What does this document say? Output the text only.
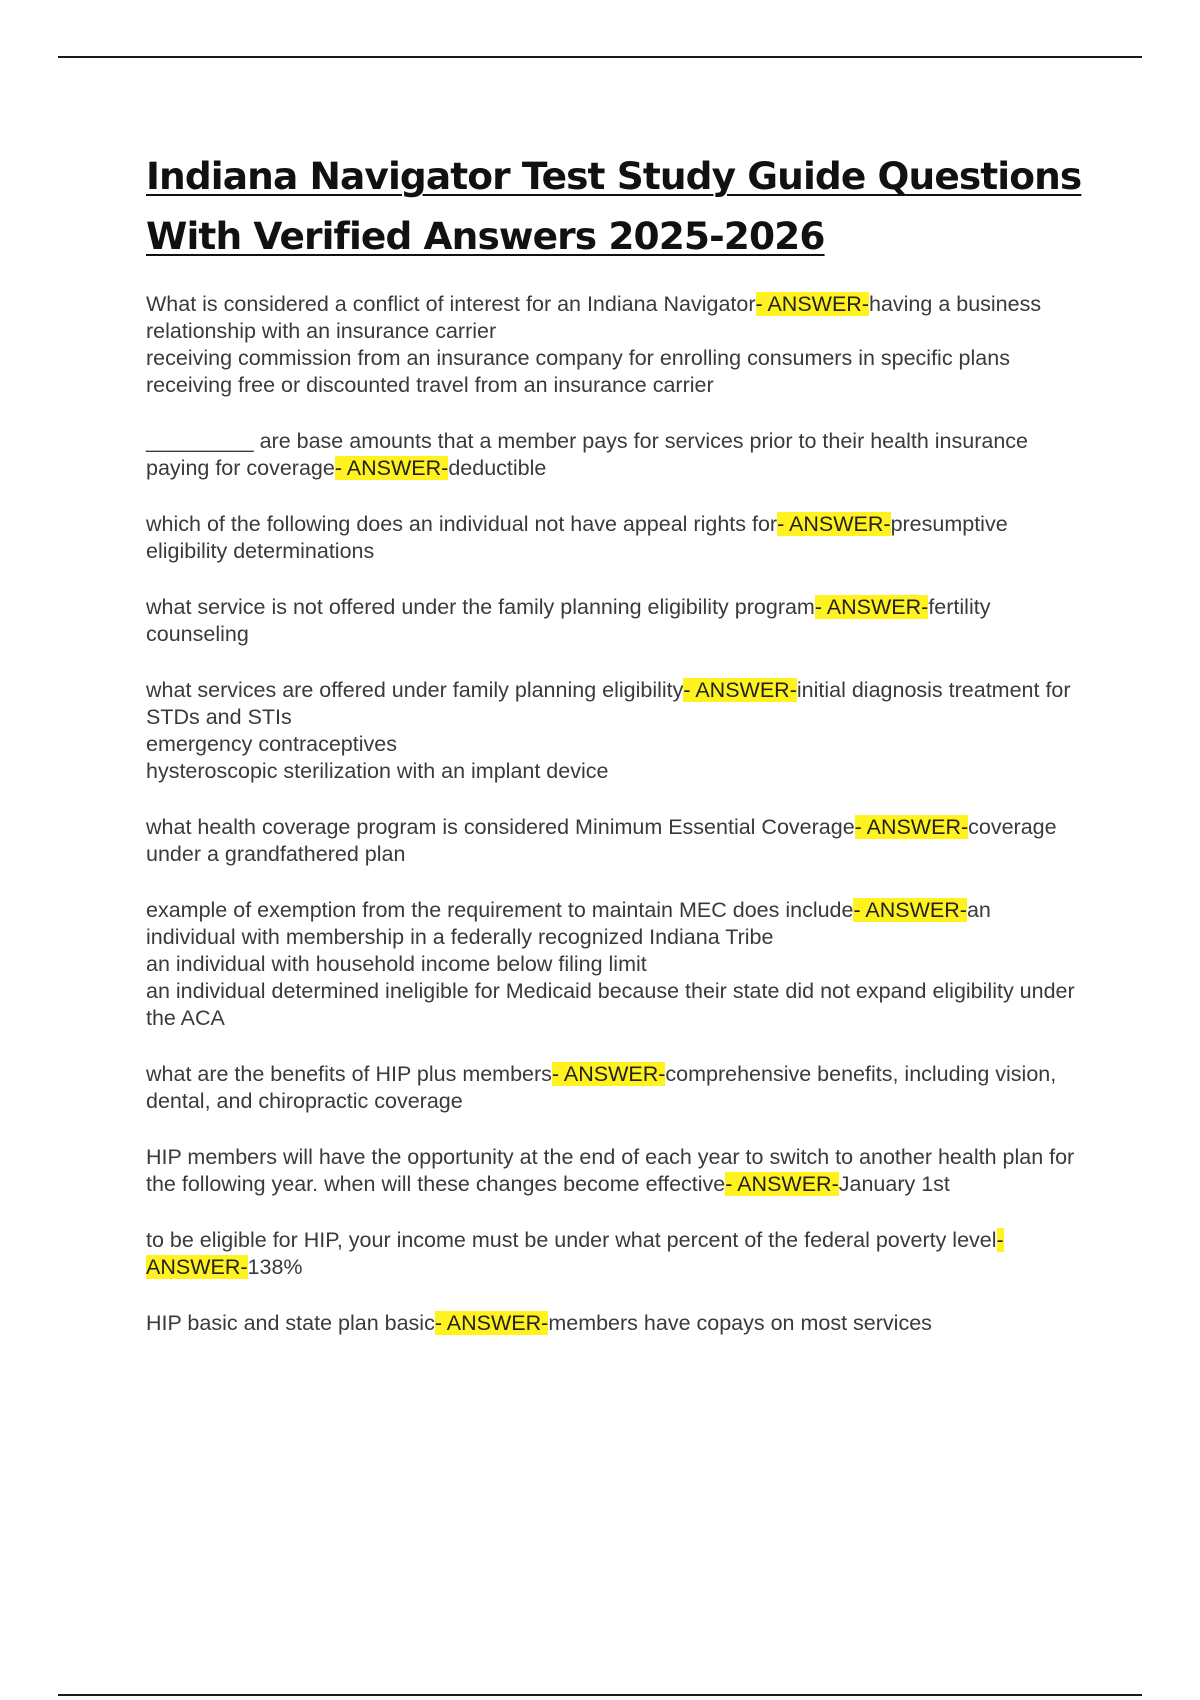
Indiana Navigator Test Study Guide Questions
With Verified Answers 2025-2026

What is considered a conflict of interest for an Indiana Navigator- ANSWER-having a business relationship with an insurance carrier

receiving commission from an insurance company for enrolling consumers in specific plans

receiving free or discounted travel from an insurance carrier

_________ are base amounts that a member pays for services prior to their health insurance paying for coverage- ANSWER-deductible

which of the following does an individual not have appeal rights for- ANSWER-presumptive eligibility determinations

what service is not offered under the family planning eligibility program- ANSWER-fertility counseling

what services are offered under family planning eligibility- ANSWER-initial diagnosis treatment for STDs and STIs

emergency contraceptives

hysteroscopic sterilization with an implant device

what health coverage program is considered Minimum Essential Coverage- ANSWER-coverage under a grandfathered plan

example of exemption from the requirement to maintain MEC does include- ANSWER-an individual with membership in a federally recognized Indiana Tribe

an individual with household income below filing limit

an individual determined ineligible for Medicaid because their state did not expand eligibility under the ACA

what are the benefits of HIP plus members- ANSWER-comprehensive benefits, including vision, dental, and chiropractic coverage

HIP members will have the opportunity at the end of each year to switch to another health plan for the following year. when will these changes become effective- ANSWER-January 1st

to be eligible for HIP, your income must be under what percent of the federal poverty level- ANSWER-138%

HIP basic and state plan basic- ANSWER-members have copays on most services
